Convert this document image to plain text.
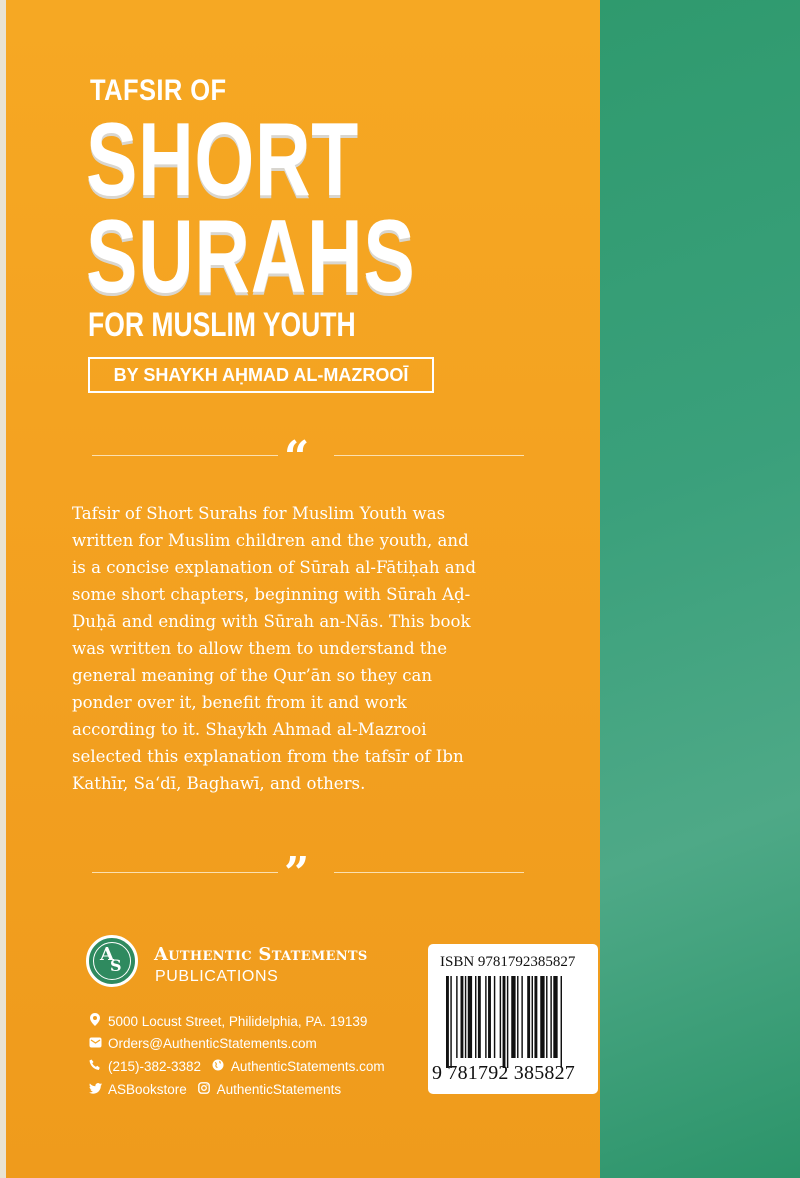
TAFSIR OF
SHORT
SURAHS
FOR MUSLIM YOUTH
BY SHAYKH AḤMAD AL-MAZROOĪ
“
Tafsir of Short Surahs for Muslim Youth was
written for Muslim children and the youth, and
is a concise explanation of Sūrah al-Fātiḥah and
some short chapters, beginning with Sūrah Aḍ-
Ḍuḥā and ending with Sūrah an-Nās. This book
was written to allow them to understand the
general meaning of the Qur’ān so they can
ponder over it, benefit from it and work
according to it. Shaykh Ahmad al-Mazrooi
selected this explanation from the tafsīr of Ibn
Kathīr, Sa‘dī, Baghawī, and others.
”
A
S
Authentic Statements
PUBLICATIONS
5000 Locust Street, Philidelphia, PA. 19139
Orders@AuthenticStatements.com
(215)-382-3382 AuthenticStatements.com
ASBookstore AuthenticStatements
ISBN 9781792385827
9 781792 385827
